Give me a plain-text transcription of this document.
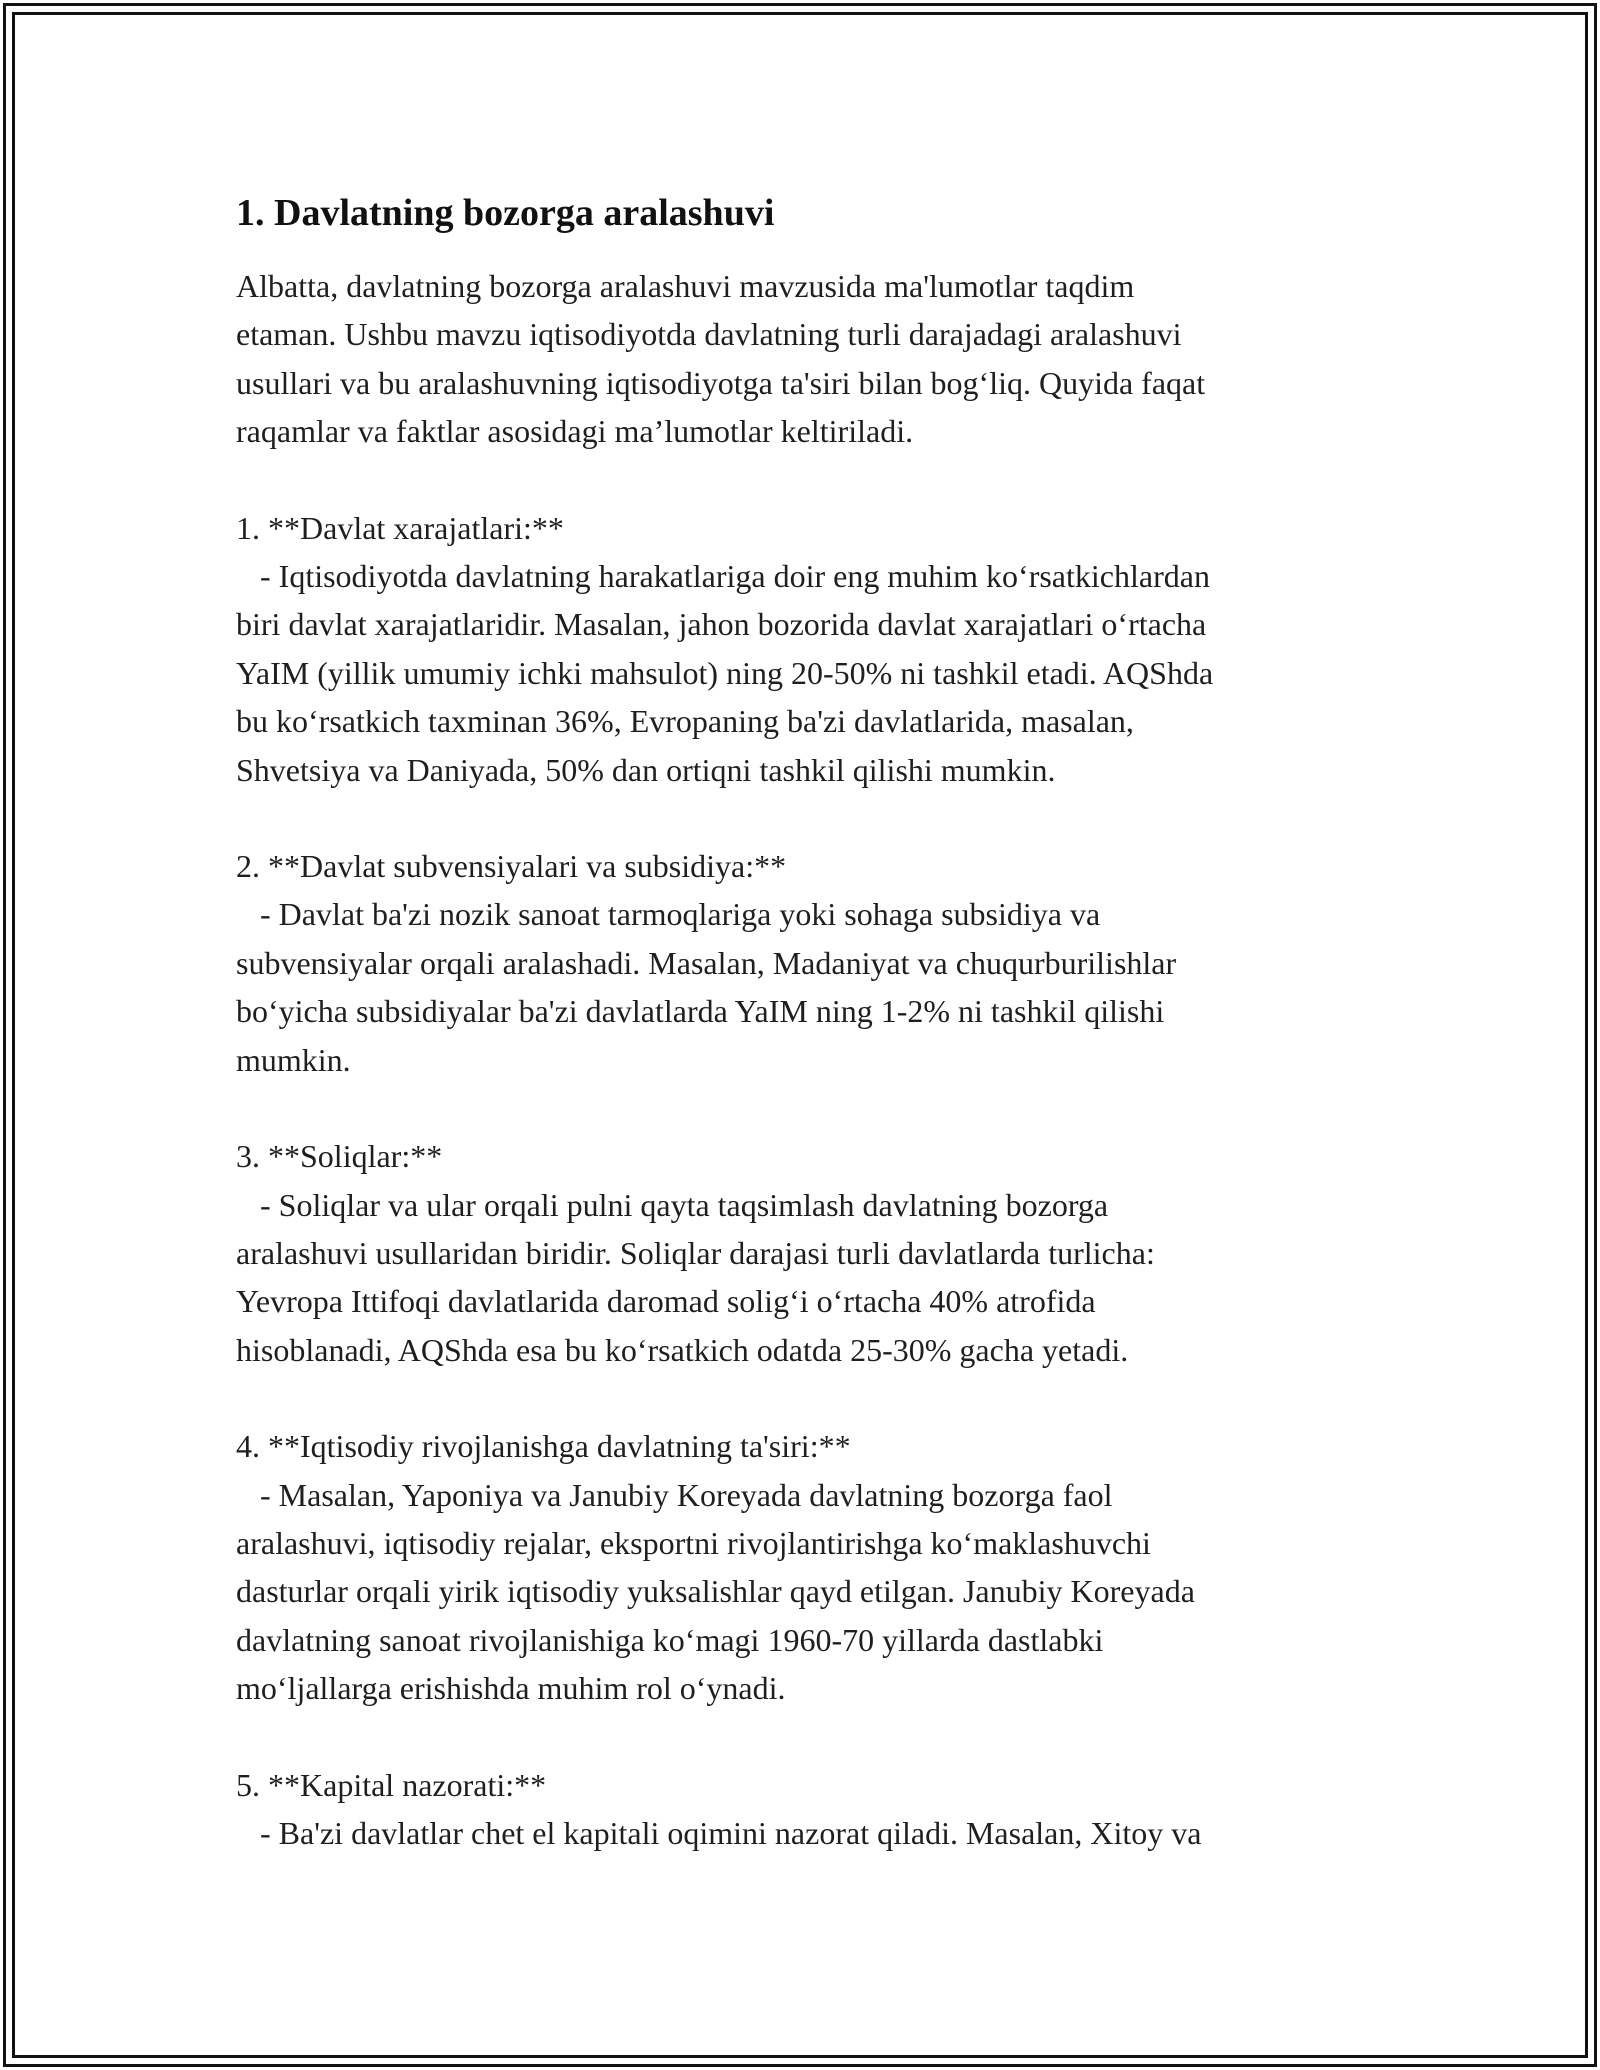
1. Davlatning bozorga aralashuvi

Albatta, davlatning bozorga aralashuvi mavzusida ma'lumotlar taqdim
etaman. Ushbu mavzu iqtisodiyotda davlatning turli darajadagi aralashuvi
usullari va bu aralashuvning iqtisodiyotga ta'siri bilan bog‘liq. Quyida faqat
raqamlar va faktlar asosidagi ma’lumotlar keltiriladi.

1. **Davlat xarajatlari:**

- Iqtisodiyotda davlatning harakatlariga doir eng muhim ko‘rsatkichlardan
biri davlat xarajatlaridir. Masalan, jahon bozorida davlat xarajatlari o‘rtacha
YaIM (yillik umumiy ichki mahsulot) ning 20-50% ni tashkil etadi. AQShda
bu ko‘rsatkich taxminan 36%, Evropaning ba'zi davlatlarida, masalan,
Shvetsiya va Daniyada, 50% dan ortiqni tashkil qilishi mumkin.

2. **Davlat subvensiyalari va subsidiya:**

- Davlat ba'zi nozik sanoat tarmoqlariga yoki sohaga subsidiya va
subvensiyalar orqali aralashadi. Masalan, Madaniyat va chuqurburilishlar
bo‘yicha subsidiyalar ba'zi davlatlarda YaIM ning 1-2% ni tashkil qilishi
mumkin.

3. **Soliqlar:**

- Soliqlar va ular orqali pulni qayta taqsimlash davlatning bozorga
aralashuvi usullaridan biridir. Soliqlar darajasi turli davlatlarda turlicha:
Yevropa Ittifoqi davlatlarida daromad solig‘i o‘rtacha 40% atrofida
hisoblanadi, AQShda esa bu ko‘rsatkich odatda 25-30% gacha yetadi.

4. **Iqtisodiy rivojlanishga davlatning ta'siri:**

- Masalan, Yaponiya va Janubiy Koreyada davlatning bozorga faol
aralashuvi, iqtisodiy rejalar, eksportni rivojlantirishga ko‘maklashuvchi
dasturlar orqali yirik iqtisodiy yuksalishlar qayd etilgan. Janubiy Koreyada
davlatning sanoat rivojlanishiga ko‘magi 1960-70 yillarda dastlabki
mo‘ljallarga erishishda muhim rol o‘ynadi.

5. **Kapital nazorati:**

- Ba'zi davlatlar chet el kapitali oqimini nazorat qiladi. Masalan, Xitoy va
